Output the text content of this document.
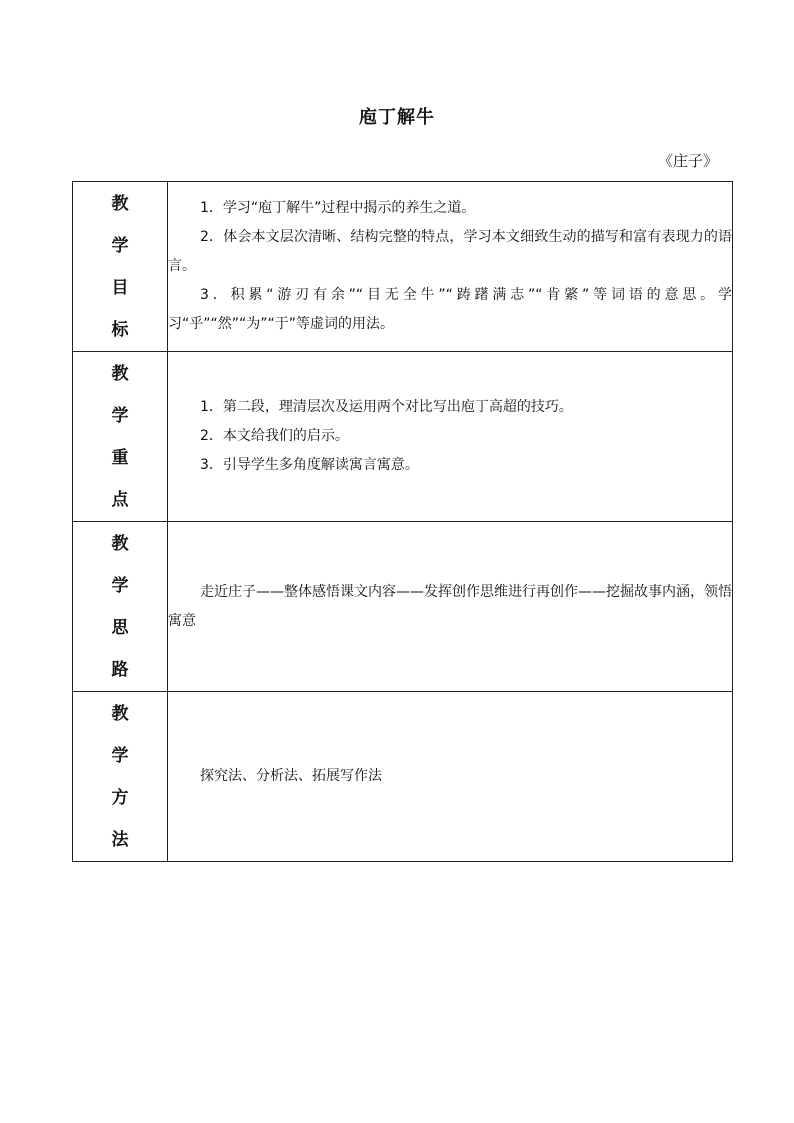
庖丁解牛
《庄子》
教
学
目
标	1．学习“庖丁解牛”过程中揭示的养生之道。
2．体会本文层次清晰、结构完整的特点，学习本文细致生动的描写和富有表现力的语言。
3．积累“游刃有余”“目无全牛”“踌躇满志”“肯綮”等词语的意思。学习“乎”“然”“为”“于”等虚词的用法。

教
学
重
点	1．第二段，理清层次及运用两个对比写出庖丁高超的技巧。
2．本文给我们的启示。
3．引导学生多角度解读寓言寓意。

教
学
思
路	走近庄子——整体感悟课文内容——发挥创作思维进行再创作——挖掘故事内涵，领悟寓意

教
学
方
法	探究法、分析法、拓展写作法
